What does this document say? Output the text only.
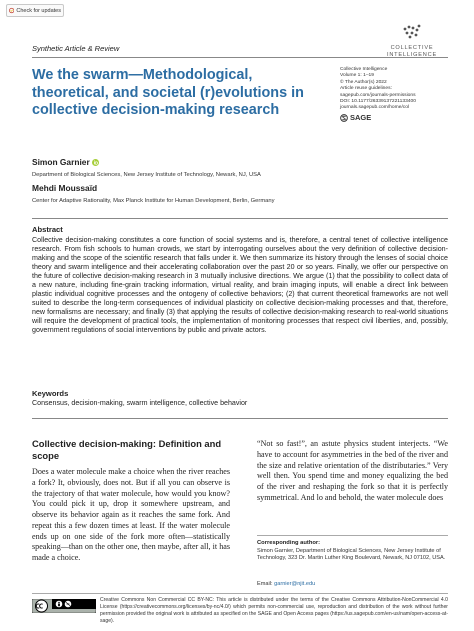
Check for updates
Synthetic Article & Review	COLLECTIVE
INTELLIGENCE
We the swarm—Methodological, theoretical, and societal (r)evolutions in collective decision-making research
Collective Intelligence
Volume 1: 1–19
© The Author(s) 2022
Article reuse guidelines:
sagepub.com/journals-permissions
DOI: 10.1177/26339137221133400
journals.sagepub.com/home/col
SAGE
Simon Garnier
Department of Biological Sciences, New Jersey Institute of Technology, Newark, NJ, USA
Mehdi Moussaïd
Center for Adaptive Rationality, Max Planck Institute for Human Development, Berlin, Germany
Abstract

Collective decision-making constitutes a core function of social systems and is, therefore, a central tenet of collective intelligence research. From fish schools to human crowds, we start by interrogating ourselves about the very definition of collective decision-making and the scope of the scientific research that falls under it. We then summarize its history through the lenses of social choice theory and swarm intelligence and their accelerating collaboration over the past 20 or so years. Finally, we offer our perspective on the future of collective decision-making research in 3 mutually inclusive directions. We argue (1) that the possibility to collect data of a new nature, including fine-grain tracking information, virtual reality, and brain imaging inputs, will enable a direct link between plastic individual cognitive processes and the ontogeny of collective behaviors; (2) that current theoretical frameworks are not well suited to describe the long-term consequences of individual plasticity on collective decision-making processes and that, therefore, new formalisms are necessary; and finally (3) that applying the results of collective decision-making research to real-world situations will require the development of practical tools, the implementation of monitoring processes that respect civil liberties, and, possibly, government regulations of social interventions by public and private actors.

Keywords
Consensus, decision-making, swarm intelligence, collective behavior
Collective decision-making: Definition and scope

Does a water molecule make a choice when the river reaches a fork? It, obviously, does not. But if all you can observe is the trajectory of that water molecule, how would you know? You could pick it up, drop it somewhere upstream, and observe its behavior again as it reaches the same fork. And repeat this a few dozen times at least. If the water molecule ends up on one side of the fork more often—statistically speaking—than on the other one, then maybe, after all, it has made a choice.

“Not so fast!”, an astute physics student interjects. “We have to account for asymmetries in the bed of the river and the size and relative orientation of the distributaries.” Very well then. You spend time and money equalizing the bed of the river and reshaping the fork so that it is perfectly symmetrical. And lo and behold, the water molecule does

Corresponding author:

Simon Garnier, Department of Biological Sciences, New Jersey Institute of Technology, 323 Dr. Martin Luther King Boulevard, Newark, NJ 07102, USA.

Email: garnier@njit.edu

Creative Commons Non Commercial CC BY-NC: This article is distributed under the terms of the Creative Commons Attribution-NonCommercial 4.0 License (https://creativecommons.org/licenses/by-nc/4.0/) which permits non-commercial use, reproduction and distribution of the work without further permission provided the original work is attributed as specified on the SAGE and Open Access pages (https://us.sagepub.com/en-us/nam/open-access-at-sage).
